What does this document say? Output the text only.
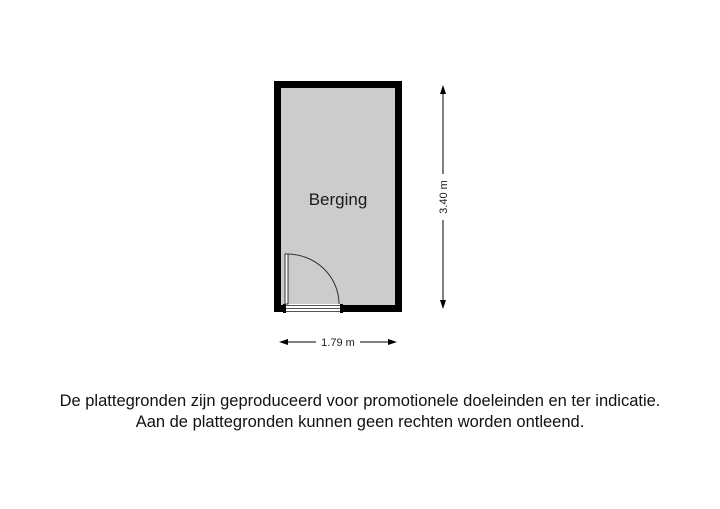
Berging	3.40 m
1.79 m
De plattegronden zijn geproduceerd voor promotionele doeleinden en ter indicatie.
Aan de plattegronden kunnen geen rechten worden ontleend.
